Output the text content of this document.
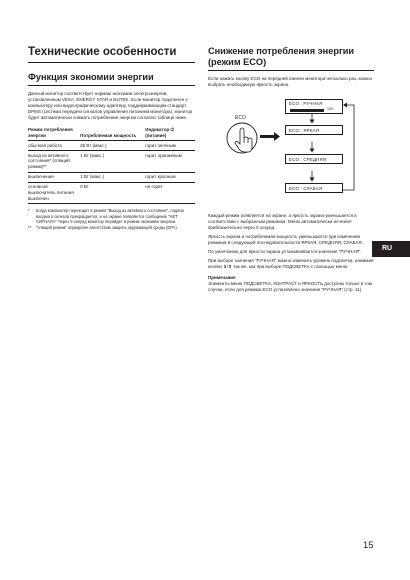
Технические особенности
Функция экономии энергии

Данный монитор соответствует нормам экономии электроэнергии, установленным VESA, ENERGY STAR и NUTEK. Если монитор подключен к компьютеру или видеографическому адаптеру, поддерживающим стандарт DPMS (система передачи сигналов управления питанием монитора), монитор будет автоматически снижать потребление энергии согласно таблице ниже.

Режим потребления энергии	Потребляемая мощность	Индикатор ⏻ (питание)
обычная работа	25 Вт (макс.)	горит зеленым
выход из активного состояния* (спящий режим)**	1 Вт (макс.)	горит оранжевым
выключение	1 Вт (макс.)	горит красным
основной выключатель питания выключен	0 Вт	не горит
*	Когда компьютер переходит в режим "Выход из активного состояния", подача входного сигнала прекращается, и на экране появляется сообщение "НЕТ СИГНАЛА" Через 5 секунд монитор перейдет в режим экономии энергии.
**	"спящий режим" определен агентством защиты окружающей среды (EPA).
Снижение потребления энергии (режим ECO)

Если нажать кнопку ECO на передней панели монитора несколько раз, можно выбрать необходимую яркость экрана.

ECO
ECO : РУЧНАЯ
100
ECO : ЯРКАЯ
ECO : СРЕДНЯЯ
ECO : СЛАБАЯ

Каждый режим появляется на экране, а яркость экрана уменьшается в соответствии с выбранным режимом. Меню автоматически исчезнет приблизительно через 5 секунд.

Яркость экрана и потребляемая мощность уменьшаются при изменении режимов в следующей последовательности ЯРКАЯ, СРЕДНЯЯ, СЛАБАЯ.

По умолчанию для яркости экрана устанавливается значение "РУЧНАЯ".

При выборе значения "РУЧНАЯ" можно изменить уровень подсветки, нажимая кнопки ⬇/⬆ так же, как при выборе ПОДСВЕТКА с помощью меню.

Примечание

Элементы меню ПОДСВЕТКА, КОНТРАСТ и ЯРКОСТЬ доступны только в том случае, если для режима ECO установлено значение "РУЧНАЯ" (стр. 11).

RU
15
